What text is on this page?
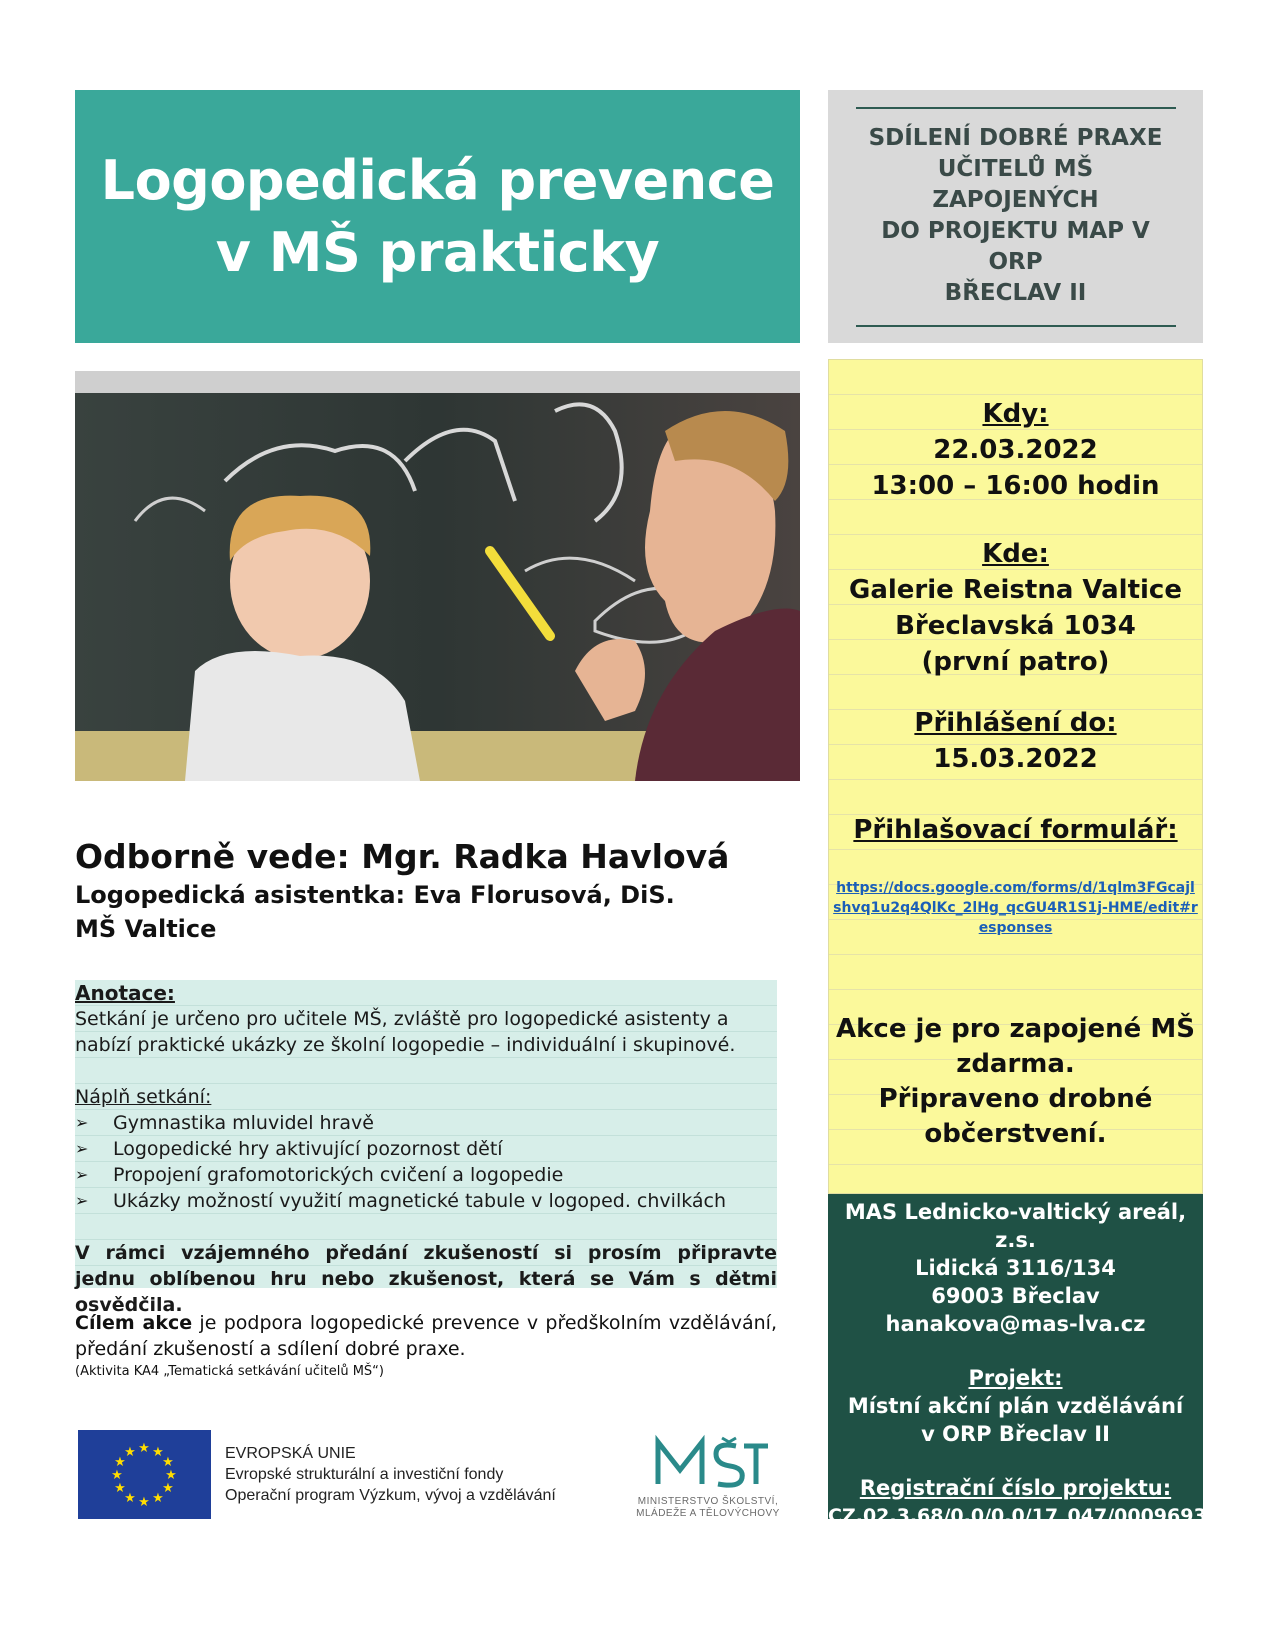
Logopedická prevence
v MŠ prakticky
SDÍLENÍ DOBRÉ PRAXE
UČITELŮ MŠ ZAPOJENÝCH
DO PROJEKTU MAP V ORP
BŘECLAV II
Kdy:
22.03.2022
13:00 – 16:00 hodin
Kde:
Galerie Reistna Valtice
Břeclavská 1034
(první patro)
Přihlášení do:
15.03.2022
Přihlašovací formulář:
https://docs.google.com/forms/d/1qlm3FGcajlshvq1u2q4QlKc_2lHg_qcGU4R1S1j-HME/edit#responses
Akce je pro zapojené MŠ
zdarma.
Připraveno drobné
občerstvení.
MAS Lednicko-valtický areál, z.s.
Lidická 3116/134
69003 Břeclav
hanakova@mas-lva.cz
Projekt:
Místní akční plán vzdělávání
v ORP Břeclav II
Registrační číslo projektu:
CZ.02.3.68/0.0/0.0/17_047/0009693
Odborně vede: Mgr. Radka Havlová
Logopedická asistentka: Eva Florusová, DiS.
MŠ Valtice
Anotace:
Setkání je určeno pro učitele MŠ, zvláště pro logopedické asistenty a nabízí praktické ukázky ze školní logopedie – individuální i skupinové.
Náplň setkání:
➢	Gymnastika mluvidel hravě
➢	Logopedické hry aktivující pozornost dětí
➢	Propojení grafomotorických cvičení a logopedie
➢	Ukázky možností využití magnetické tabule v logoped. chvilkách
V rámci vzájemného předání zkušeností si prosím připravte jednu oblíbenou hru nebo zkušenost, která se Vám s dětmi osvědčila.
Cílem akce je podpora logopedické prevence v předškolním vzdělávání, předání zkušeností a sdílení dobré praxe.
(Aktivita KA4 „Tematická setkávání učitelů MŠ“)
★ ★
★
★
★
★
★
★
★
★
★
★	EVROPSKÁ UNIE
Evropské strukturální a investiční fondy
Operační program Výzkum, vývoj a vzdělávání	MINISTERSTVO ŠKOLSTVÍ,
MLÁDEŽE A TĚLOVÝCHOVY
